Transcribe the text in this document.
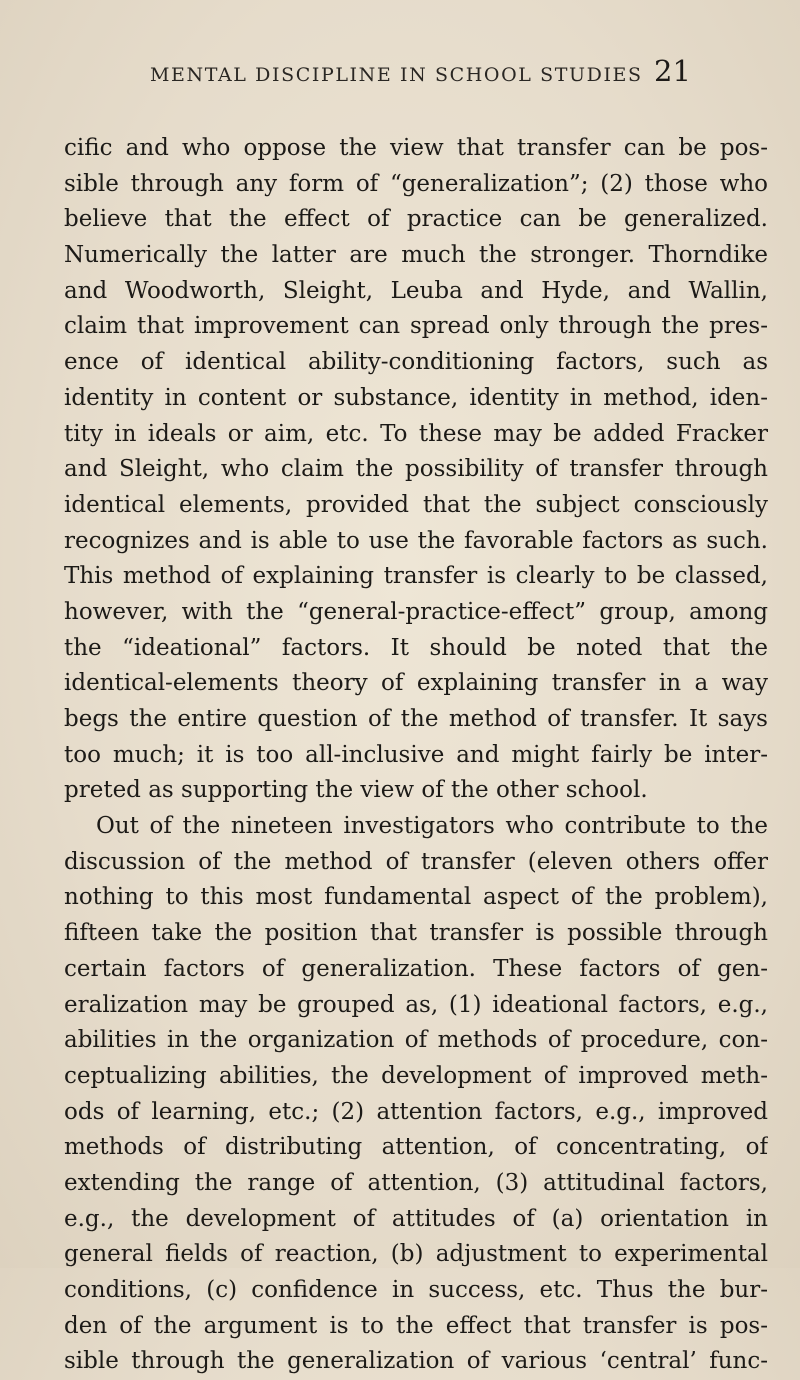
MENTAL DISCIPLINE IN SCHOOL STUDIES 21
cific and who oppose the view that transfer can be pos-
sible through any form of “generalization”; (2) those who
believe that the effect of practice can be generalized.
Numerically the latter are much the stronger. Thorndike
and Woodworth, Sleight, Leuba and Hyde, and Wallin,
claim that improvement can spread only through the pres-
ence of identical ability-conditioning factors, such as
identity in content or substance, identity in method, iden-
tity in ideals or aim, etc. To these may be added Fracker
and Sleight, who claim the possibility of transfer through
identical elements, provided that the subject consciously
recognizes and is able to use the favorable factors as such.
This method of explaining transfer is clearly to be classed,
however, with the “general-practice-effect” group, among
the “ideational” factors. It should be noted that the
identical-elements theory of explaining transfer in a way
begs the entire question of the method of transfer. It says
too much; it is too all-inclusive and might fairly be inter-
preted as supporting the view of the other school.
Out of the nineteen investigators who contribute to the
discussion of the method of transfer (eleven others offer
nothing to this most fundamental aspect of the problem),
fifteen take the position that transfer is possible through
certain factors of generalization. These factors of gen-
eralization may be grouped as, (1) ideational factors, e.g.,
abilities in the organization of methods of procedure, con-
ceptualizing abilities, the development of improved meth-
ods of learning, etc.; (2) attention factors, e.g., improved
methods of distributing attention, of concentrating, of
extending the range of attention, (3) attitudinal factors,
e.g., the development of attitudes of (a) orientation in
general fields of reaction, (b) adjustment to experimental
conditions, (c) confidence in success, etc. Thus the bur-
den of the argument is to the effect that transfer is pos-
sible through the generalization of various ‘central’ func-
